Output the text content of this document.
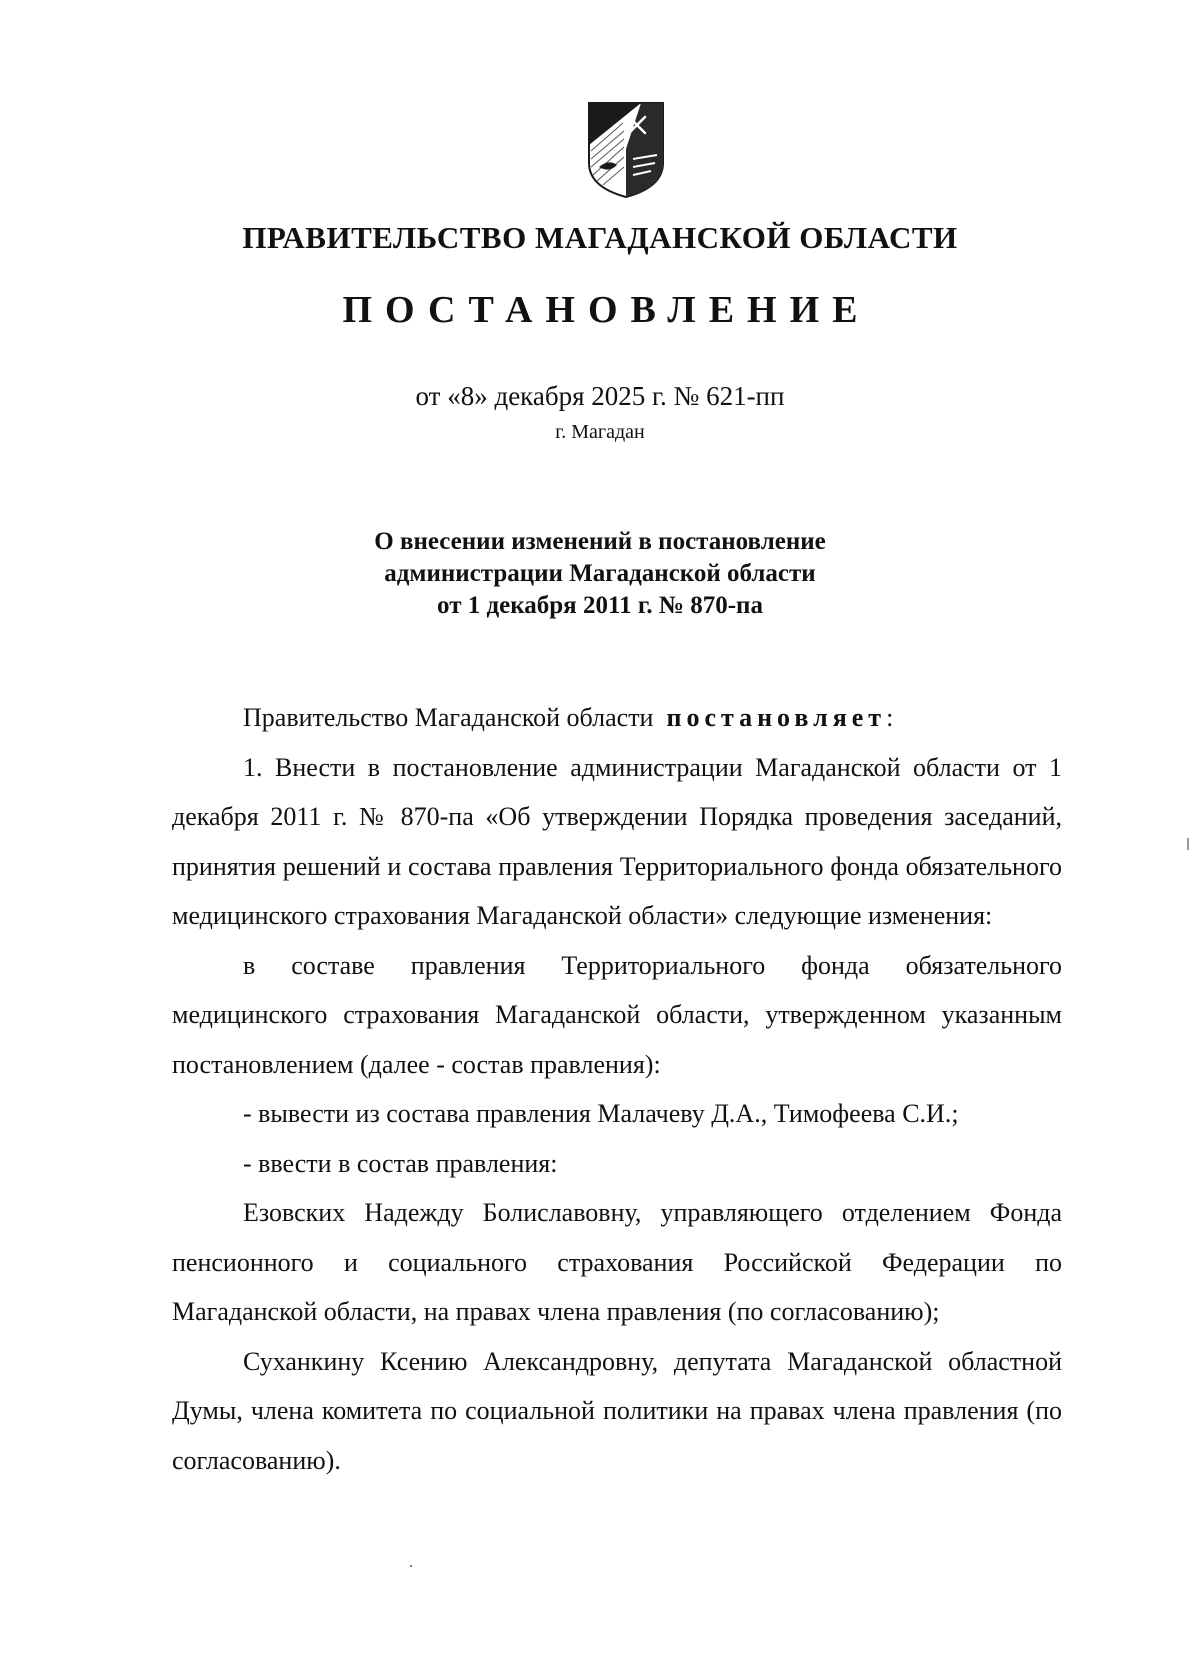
ПРАВИТЕЛЬСТВО МАГАДАНСКОЙ ОБЛАСТИ
ПОСТАНОВЛЕНИЕ
от «8» декабря 2025 г. № 621-пп
г. Магадан
О внесении изменений в постановление
администрации Магаданской области
от 1 декабря 2011 г. № 870-па

Правительство Магаданской области постановляет:

1. Внести в постановление администрации Магаданской области от 1 декабря 2011 г. № 870-па «Об утверждении Порядка проведения заседаний, принятия решений и состава правления Территориального фонда обязательного медицинского страхования Магаданской области» следующие изменения:

в составе правления Территориального фонда обязательного медицинского страхования Магаданской области, утвержденном указанным постановлением (далее - состав правления):

- вывести из состава правления Малачеву Д.А., Тимофеева С.И.;

- ввести в состав правления:

Езовских Надежду Болиславовну, управляющего отделением Фонда пенсионного и социального страхования Российской Федерации по Магаданской области, на правах члена правления (по согласованию);

Суханкину Ксению Александровну, депутата Магаданской областной Думы, члена комитета по социальной политики на правах члена правления (по согласованию).
